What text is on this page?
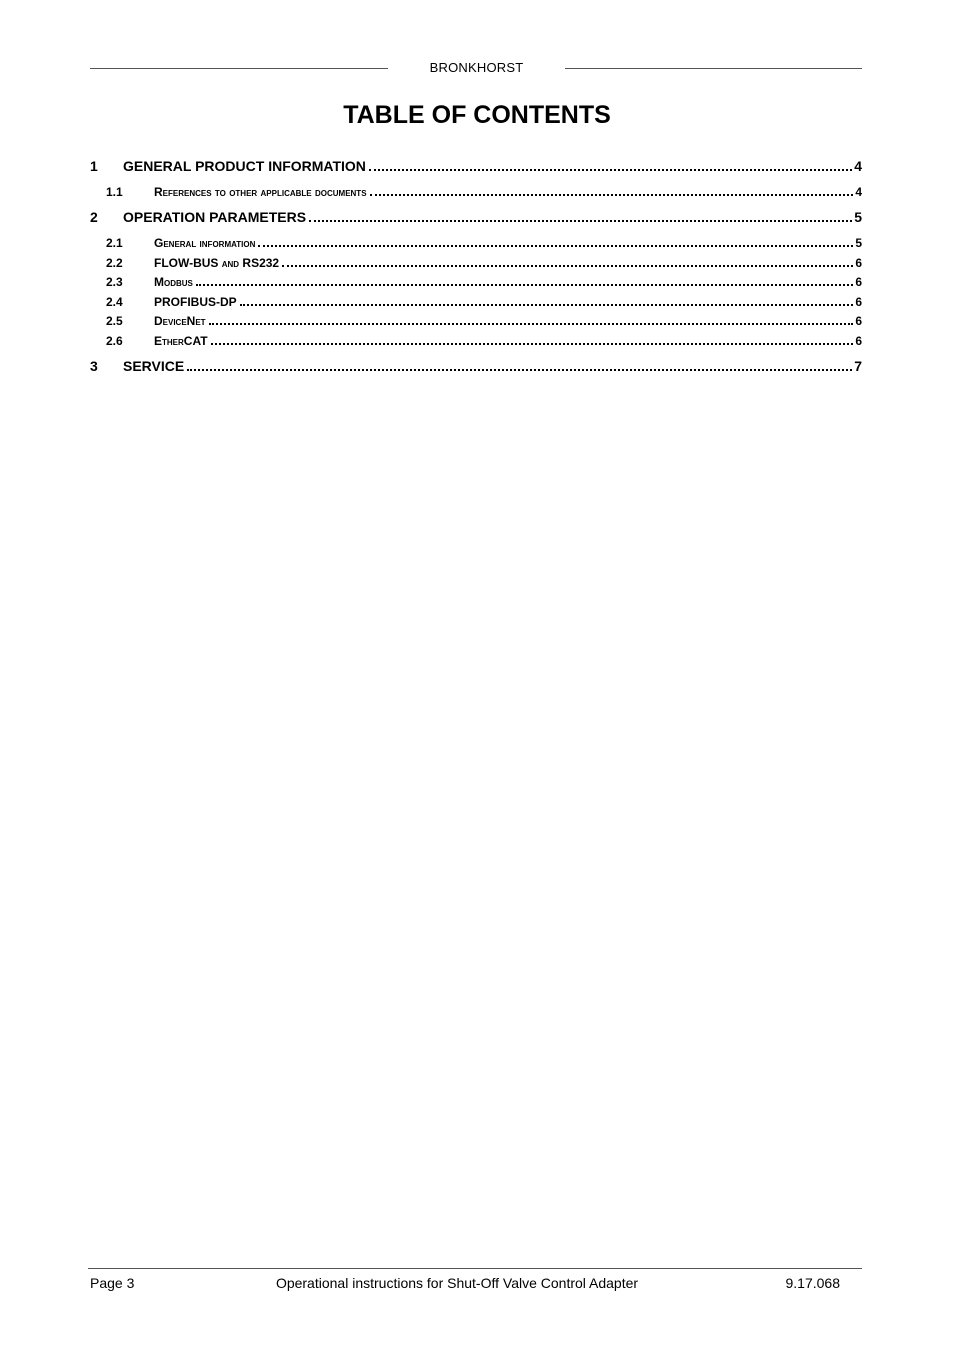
BRONKHORST
TABLE OF CONTENTS
1	GENERAL PRODUCT INFORMATION	4
1.1	References to other applicable documents	4
2	OPERATION PARAMETERS	5
2.1	General information	5
2.2	FLOW-BUS and RS232	6
2.3	Modbus	6
2.4	PROFIBUS-DP	6
2.5	DeviceNet	6
2.6	EtherCAT	6
3	SERVICE	7
Page 3	Operational instructions for Shut-Off Valve Control Adapter	9.17.068
